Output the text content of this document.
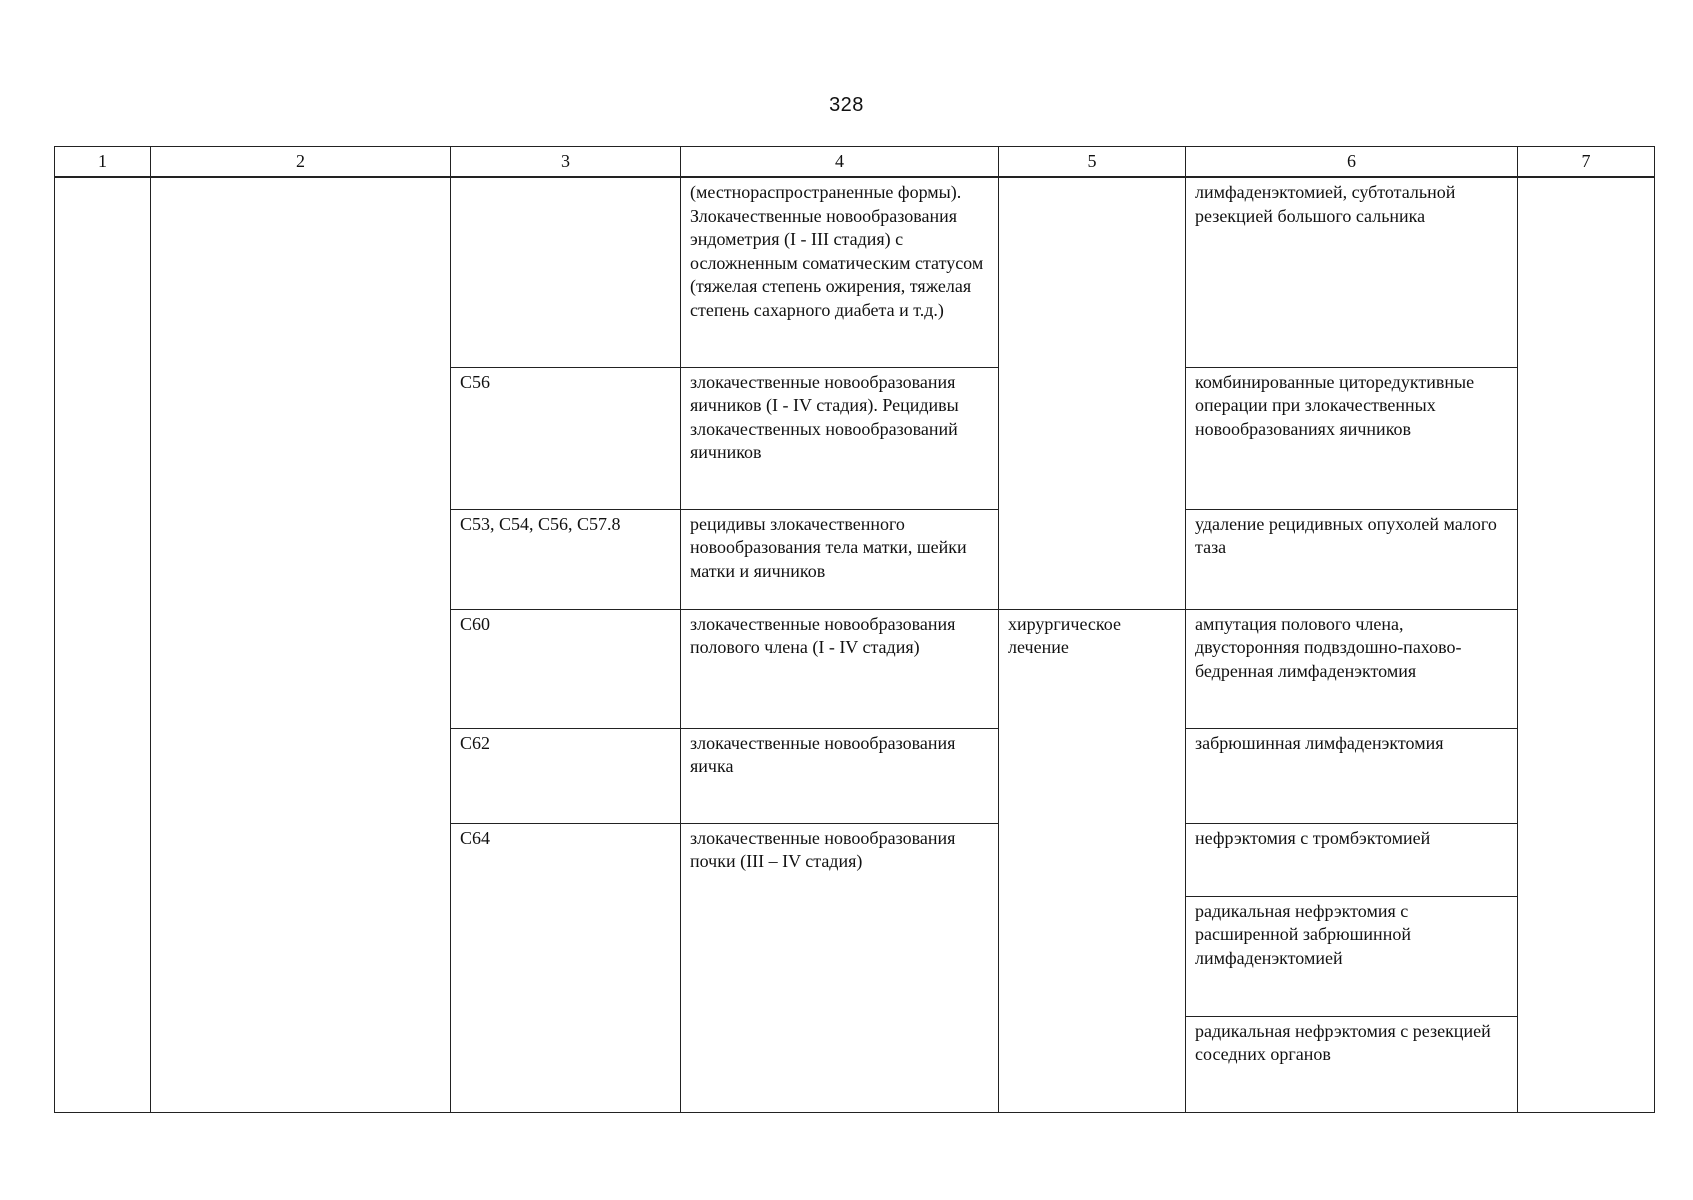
328
1	2	3	4	5	6	7
			(местнораспространенные формы). Злокачественные новообразования эндометрия (I - III стадия) с осложненным соматическим статусом (тяжелая степень ожирения, тяжелая степень сахарного диабета и т.д.)		лимфаденэктомией, субтотальной резекцией большого сальника	
		C56	злокачественные новообразования яичников (I - IV стадия). Рецидивы злокачественных новообразований яичников		комбинированные циторедуктивные операции при злокачественных новообразованиях яичников	
		C53, C54, C56, C57.8	рецидивы злокачественного новообразования тела матки, шейки матки и яичников		удаление рецидивных опухолей малого таза	
		C60	злокачественные новообразования полового члена (I - IV стадия)	хирургическое лечение	ампутация полового члена, двусторонняя подвздошно-пахово-бедренная лимфаденэктомия	
		C62	злокачественные новообразования яичка		забрюшинная лимфаденэктомия	
		C64	злокачественные новообразования почки (III – IV стадия)		нефрэктомия с тромбэктомией	
					радикальная нефрэктомия с расширенной забрюшинной лимфаденэктомией	
					радикальная нефрэктомия с резекцией соседних органов	
